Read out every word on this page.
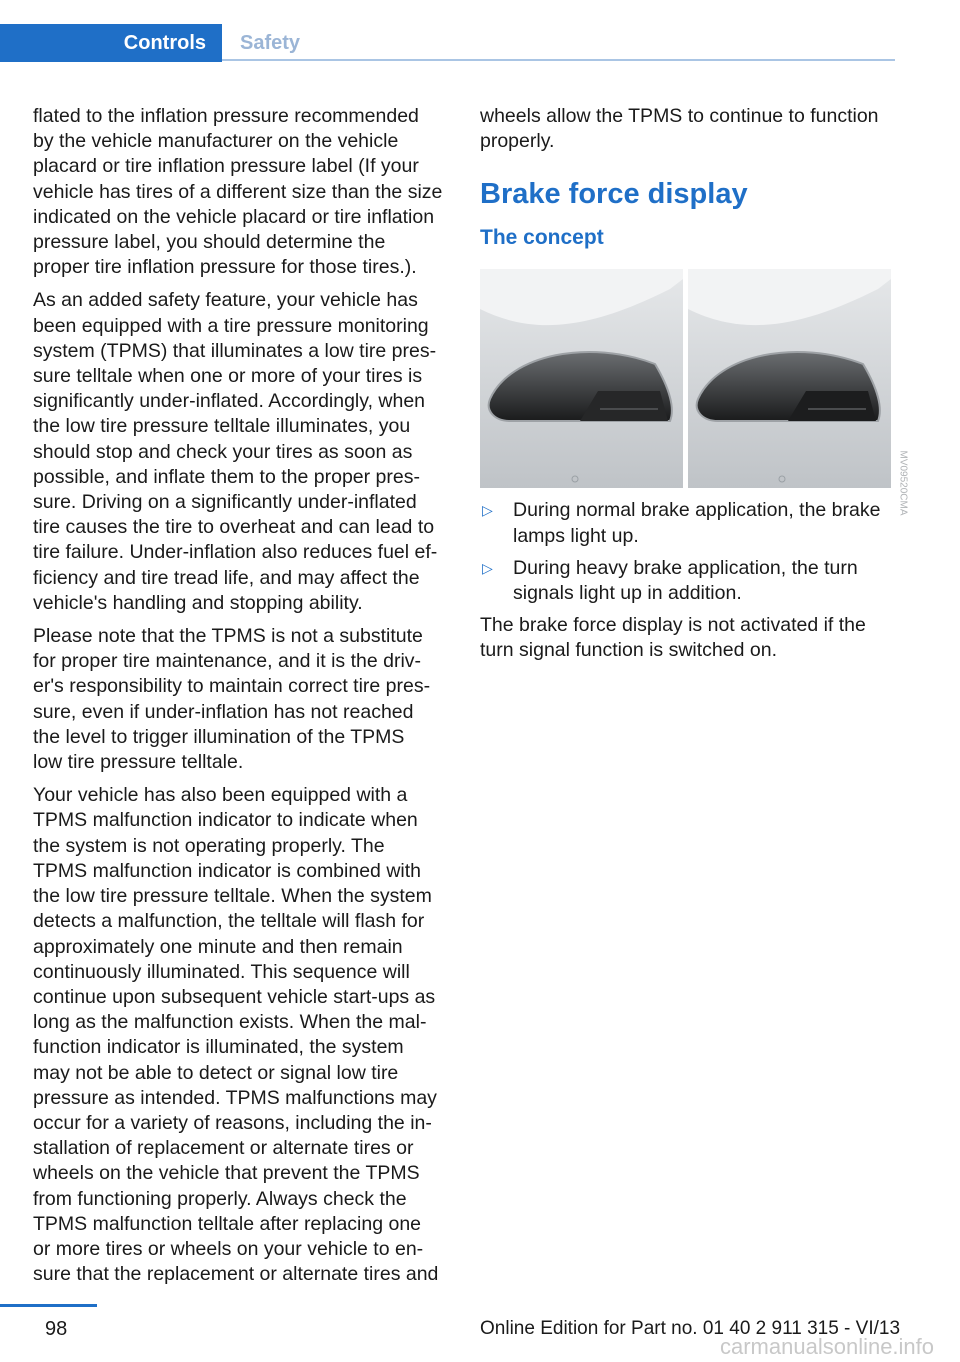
Controls Safety

flated to the inflation pressure recommended
by the vehicle manufacturer on the vehicle
placard or tire inflation pressure label (If your
vehicle has tires of a different size than the size
indicated on the vehicle placard or tire inflation
pressure label, you should determine the
proper tire inflation pressure for those tires.).

As an added safety feature, your vehicle has
been equipped with a tire pressure monitoring
system (TPMS) that illuminates a low tire pres‐
sure telltale when one or more of your tires is
significantly under-inflated. Accordingly, when
the low tire pressure telltale illuminates, you
should stop and check your tires as soon as
possible, and inflate them to the proper pres‐
sure. Driving on a significantly under-inflated
tire causes the tire to overheat and can lead to
tire failure. Under-inflation also reduces fuel ef‐
ficiency and tire tread life, and may affect the
vehicle's handling and stopping ability.

Please note that the TPMS is not a substitute
for proper tire maintenance, and it is the driv‐
er's responsibility to maintain correct tire pres‐
sure, even if under-inflation has not reached
the level to trigger illumination of the TPMS
low tire pressure telltale.

Your vehicle has also been equipped with a
TPMS malfunction indicator to indicate when
the system is not operating properly. The
TPMS malfunction indicator is combined with
the low tire pressure telltale. When the system
detects a malfunction, the telltale will flash for
approximately one minute and then remain
continuously illuminated. This sequence will
continue upon subsequent vehicle start-ups as
long as the malfunction exists. When the mal‐
function indicator is illuminated, the system
may not be able to detect or signal low tire
pressure as intended. TPMS malfunctions may
occur for a variety of reasons, including the in‐
stallation of replacement or alternate tires or
wheels on the vehicle that prevent the TPMS
from functioning properly. Always check the
TPMS malfunction telltale after replacing one
or more tires or wheels on your vehicle to en‐
sure that the replacement or alternate tires and

wheels allow the TPMS to continue to function
properly.

Brake force display
The concept
▷ During normal brake application, the brake
lamps light up.
▷ During heavy brake application, the turn
signals light up in addition.

The brake force display is not activated if the
turn signal function is switched on.

MV09520CMA
98	Online Edition for Part no. 01 40 2 911 315 - VI/13
carmanualsonline.info
